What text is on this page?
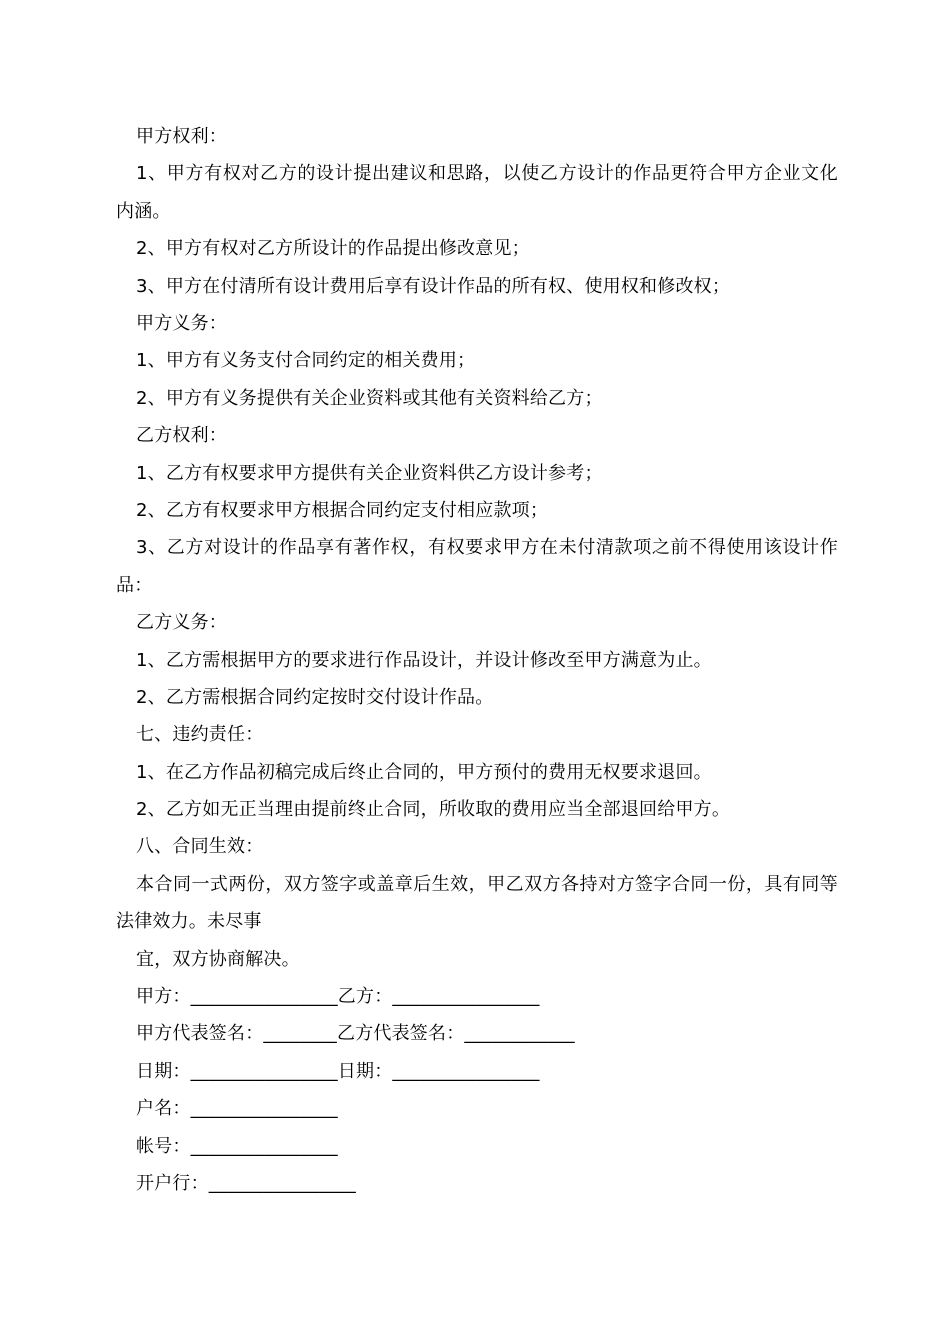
甲方权利：
1、甲方有权对乙方的设计提出建议和思路，以使乙方设计的作品更符合甲方企业文化内涵。
2、甲方有权对乙方所设计的作品提出修改意见；
3、甲方在付清所有设计费用后享有设计作品的所有权、使用权和修改权；
甲方义务：
1、甲方有义务支付合同约定的相关费用；
2、甲方有义务提供有关企业资料或其他有关资料给乙方；
乙方权利：
1、乙方有权要求甲方提供有关企业资料供乙方设计参考；
2、乙方有权要求甲方根据合同约定支付相应款项；
3、乙方对设计的作品享有著作权，有权要求甲方在未付清款项之前不得使用该设计作品：
乙方义务：
1、乙方需根据甲方的要求进行作品设计，并设计修改至甲方满意为止。
2、乙方需根据合同约定按时交付设计作品。
七、违约责任：
1、在乙方作品初稿完成后终止合同的，甲方预付的费用无权要求退回。
2、乙方如无正当理由提前终止合同，所收取的费用应当全部退回给甲方。
八、合同生效：
本合同一式两份，双方签字或盖章后生效，甲乙双方各持对方签字合同一份，具有同等法律效力。未尽事
宜，双方协商解决。
甲方：________________乙方：________________
甲方代表签名：________乙方代表签名：____________
日期：________________日期：________________
户名：________________
帐号：________________
开户行：________________
